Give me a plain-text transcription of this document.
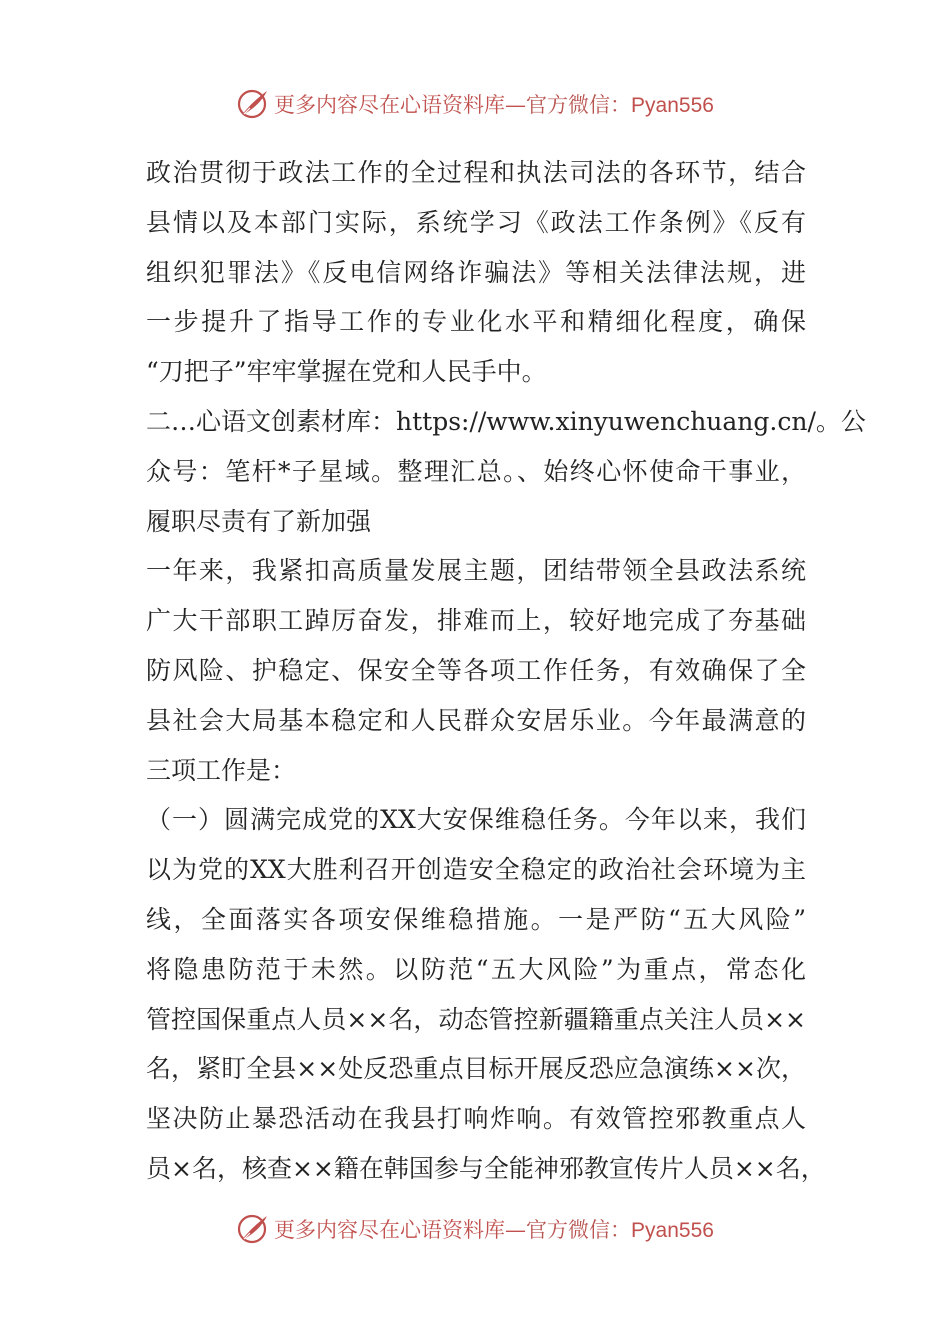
更多内容尽在心语资料库—官方微信：Pyan556
政治贯彻于政法工作的全过程和执法司法的各环节，结合
县情以及本部门实际，系统学习《政法工作条例》《反有
组织犯罪法》《反电信网络诈骗法》等相关法律法规，进
一步提升了指导工作的专业化水平和精细化程度，确保
“刀把子”牢牢掌握在党和人民手中。
二…心语文创素材库：https://www.xinyuwenchuang.cn/。公
众号：笔杆*子星域。整理汇总。、始终心怀使命干事业，
履职尽责有了新加强
一年来，我紧扣高质量发展主题，团结带领全县政法系统
广大干部职工踔厉奋发，排难而上，较好地完成了夯基础
防风险、护稳定、保安全等各项工作任务，有效确保了全
县社会大局基本稳定和人民群众安居乐业。今年最满意的
三项工作是：
（一）圆满完成党的XX大安保维稳任务。今年以来，我们
以为党的XX大胜利召开创造安全稳定的政治社会环境为主
线，全面落实各项安保维稳措施。一是严防“五大风险”
将隐患防范于未然。以防范“五大风险”为重点，常态化
管控国保重点人员××名，动态管控新疆籍重点关注人员××
名，紧盯全县××处反恐重点目标开展反恐应急演练××次，
坚决防止暴恐活动在我县打响炸响。有效管控邪教重点人
员×名，核查××籍在韩国参与全能神邪教宣传片人员××名，
更多内容尽在心语资料库—官方微信：Pyan556
